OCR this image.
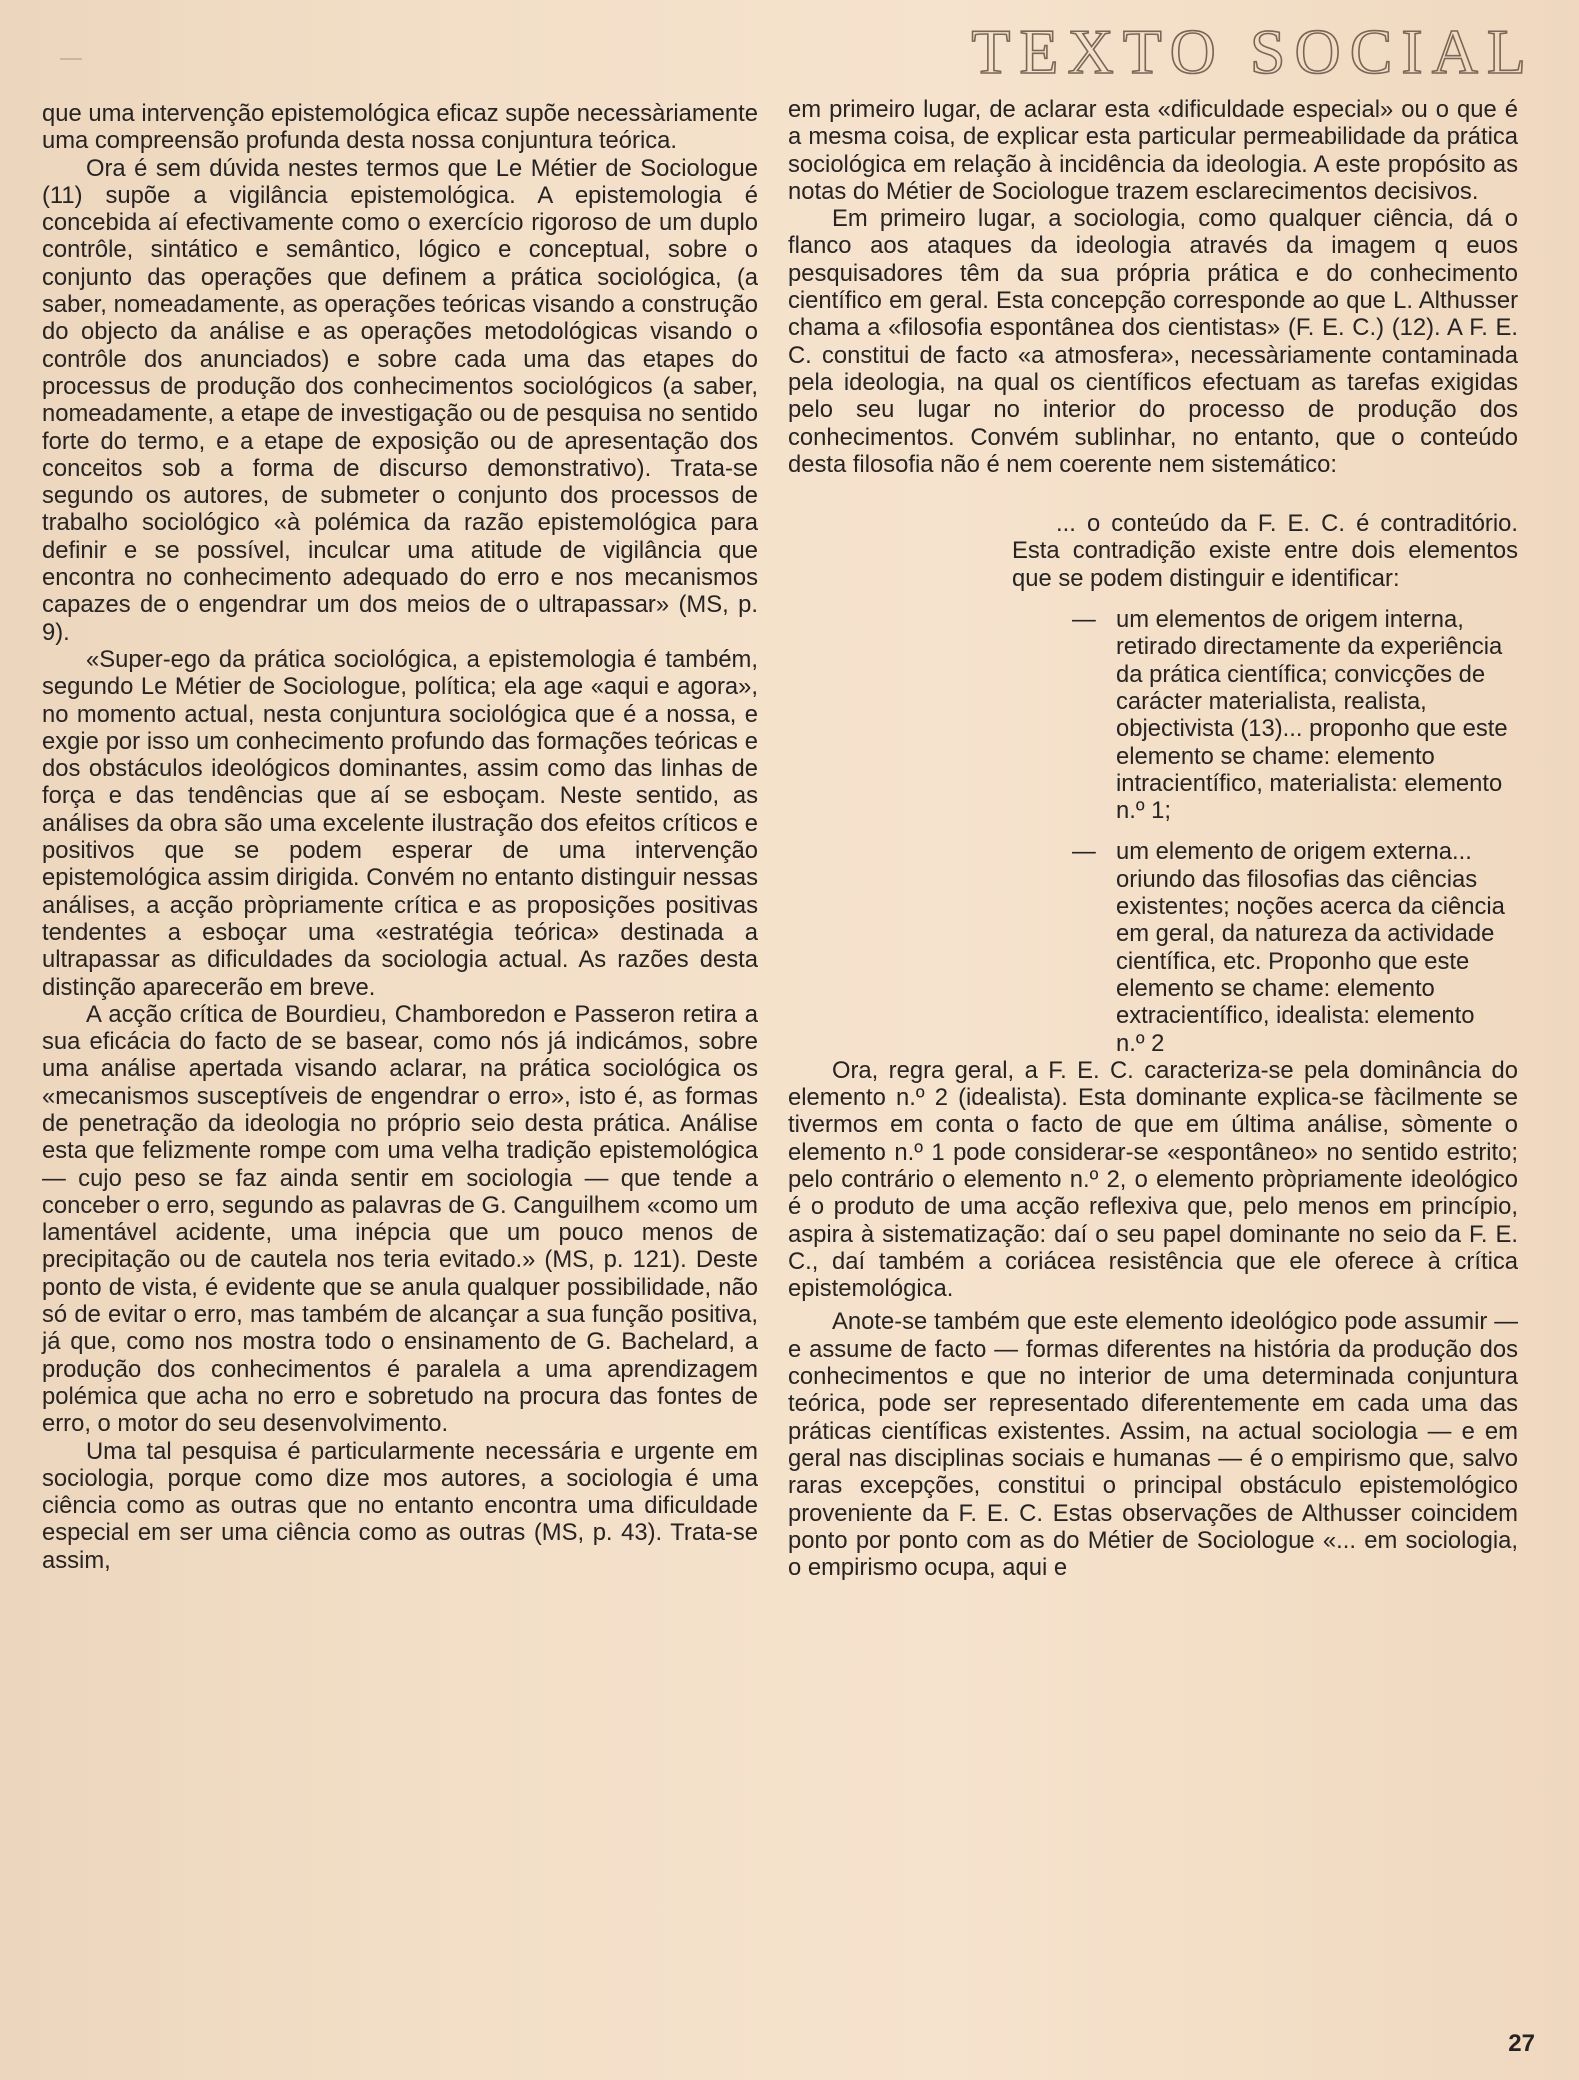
TEXTO SOCIAL

que uma intervenção epistemológica eficaz supõe necessàriamente uma compreensão profunda desta nossa conjuntura teórica.

Ora é sem dúvida nestes termos que Le Métier de Sociologue (11) supõe a vigilância epistemológica. A epistemologia é concebida aí efectivamente como o exercício rigoroso de um duplo contrôle, sintático e semântico, lógico e conceptual, sobre o conjunto das operações que definem a prática sociológica, (a saber, nomeadamente, as operações teóricas visando a construção do objecto da análise e as operações metodológicas visando o contrôle dos anunciados) e sobre cada uma das etapes do processus de produção dos conhecimentos sociológicos (a saber, nomeadamente, a etape de investigação ou de pesquisa no sentido forte do termo, e a etape de exposição ou de apresentação dos conceitos sob a forma de discurso demonstrativo). Trata-se segundo os autores, de submeter o conjunto dos processos de trabalho sociológico «à polémica da razão epistemológica para definir e se possível, inculcar uma atitude de vigilância que encontra no conhecimento adequado do erro e nos mecanismos capazes de o engendrar um dos meios de o ultrapassar» (MS, p. 9).

«Super-ego da prática sociológica, a epistemologia é também, segundo Le Métier de Sociologue, política; ela age «aqui e agora», no momento actual, nesta conjuntura sociológica que é a nossa, e exgie por isso um conhecimento profundo das formações teóricas e dos obstáculos ideológicos dominantes, assim como das linhas de força e das tendências que aí se esboçam. Neste sentido, as análises da obra são uma excelente ilustração dos efeitos críticos e positivos que se podem esperar de uma intervenção epistemológica assim dirigida. Convém no entanto distinguir nessas análises, a acção pròpriamente crítica e as proposições positivas tendentes a esboçar uma «estratégia teórica» destinada a ultrapassar as dificuldades da sociologia actual. As razões desta distinção aparecerão em breve.

A acção crítica de Bourdieu, Chamboredon e Passeron retira a sua eficácia do facto de se basear, como nós já indicámos, sobre uma análise apertada visando aclarar, na prática sociológica os «mecanismos susceptíveis de engendrar o erro», isto é, as formas de penetração da ideologia no próprio seio desta prática. Análise esta que felizmente rompe com uma velha tradição epistemológica — cujo peso se faz ainda sentir em sociologia — que tende a conceber o erro, segundo as palavras de G. Canguilhem «como um lamentável acidente, uma inépcia que um pouco menos de precipitação ou de cautela nos teria evitado.» (MS, p. 121). Deste ponto de vista, é evidente que se anula qualquer possibilidade, não só de evitar o erro, mas também de alcançar a sua função positiva, já que, como nos mostra todo o ensinamento de G. Bachelard, a produção dos conhecimentos é paralela a uma aprendizagem polémica que acha no erro e sobretudo na procura das fontes de erro, o motor do seu desenvolvimento.

Uma tal pesquisa é particularmente necessária e urgente em sociologia, porque como dize mos autores, a sociologia é uma ciência como as outras que no entanto encontra uma dificuldade especial em ser uma ciência como as outras (MS, p. 43). Trata-se assim,

em primeiro lugar, de aclarar esta «dificuldade especial» ou o que é a mesma coisa, de explicar esta particular permeabilidade da prática sociológica em relação à incidência da ideologia. A este propósito as notas do Métier de Sociologue trazem esclarecimentos decisivos.

Em primeiro lugar, a sociologia, como qualquer ciência, dá o flanco aos ataques da ideologia através da imagem q euos pesquisadores têm da sua própria prática e do conhecimento científico em geral. Esta concepção corresponde ao que L. Althusser chama a «filosofia espontânea dos cientistas» (F. E. C.) (12). A F. E. C. constitui de facto «a atmosfera», necessàriamente contaminada pela ideologia, na qual os científicos efectuam as tarefas exigidas pelo seu lugar no interior do processo de produção dos conhecimentos. Convém sublinhar, no entanto, que o conteúdo desta filosofia não é nem coerente nem sistemático:

... o conteúdo da F. E. C. é contraditório. Esta contradição existe entre dois elementos que se podem distinguir e identificar:

— um elementos de origem interna, retirado directamente da experiência da prática científica; convicções de carácter materialista, realista, objectivista (13)... proponho que este elemento se chame: elemento intracientífico, materialista: elemento n.º 1;
— um elemento de origem externa... oriundo das filosofias das ciências existentes; noções acerca da ciência em geral, da natureza da actividade científica, etc. Proponho que este elemento se chame: elemento extracientífico, idealista: elemento n.º 2

Ora, regra geral, a F. E. C. caracteriza-se pela dominância do elemento n.º 2 (idealista). Esta dominante explica-se fàcilmente se tivermos em conta o facto de que em última análise, sòmente o elemento n.º 1 pode considerar-se «espontâneo» no sentido estrito; pelo contrário o elemento n.º 2, o elemento pròpriamente ideológico é o produto de uma acção reflexiva que, pelo menos em princípio, aspira à sistematização: daí o seu papel dominante no seio da F. E. C., daí também a coriácea resistência que ele oferece à crítica epistemológica.

Anote-se também que este elemento ideológico pode assumir — e assume de facto — formas diferentes na história da produção dos conhecimentos e que no interior de uma determinada conjuntura teórica, pode ser representado diferentemente em cada uma das práticas científicas existentes. Assim, na actual sociologia — e em geral nas disciplinas sociais e humanas — é o empirismo que, salvo raras excepções, constitui o principal obstáculo epistemológico proveniente da F. E. C. Estas observações de Althusser coincidem ponto por ponto com as do Métier de Sociologue «... em sociologia, o empirismo ocupa, aqui e

27
